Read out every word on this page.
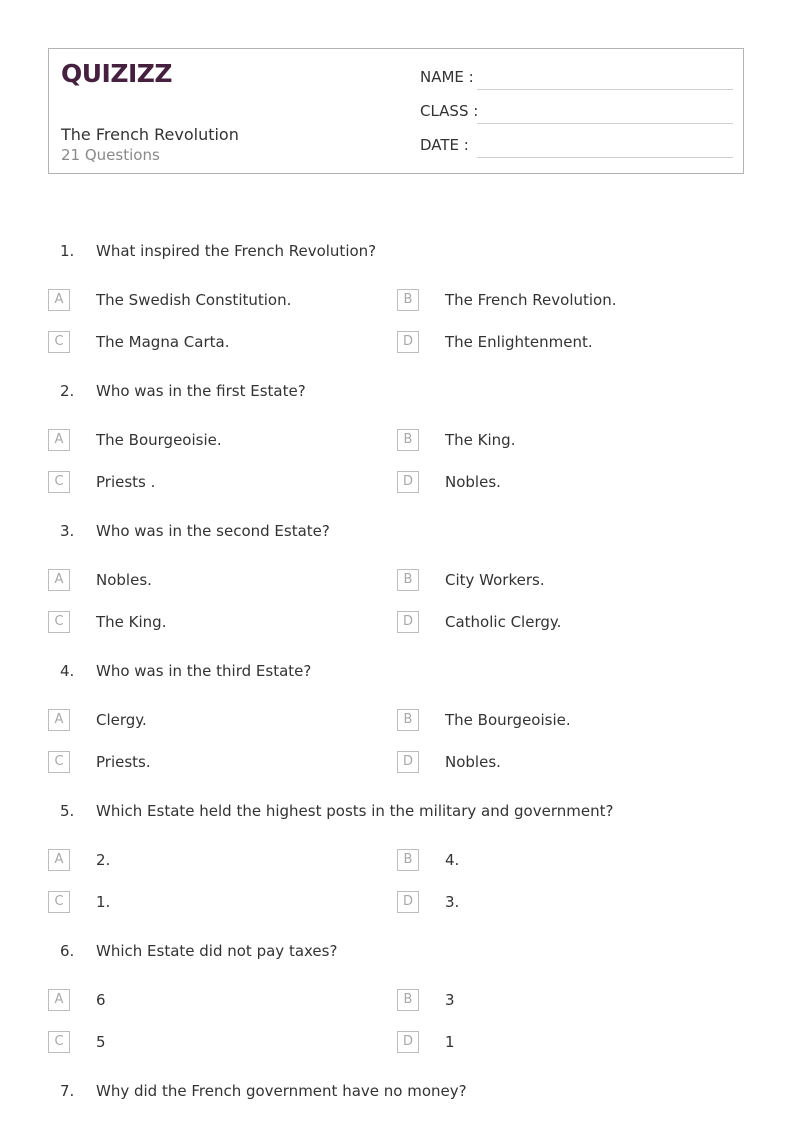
QUIZIZZ
The French Revolution
21 Questions
NAME :
CLASS :
DATE :
1. What inspired the French Revolution?
A	The Swedish Constitution.	B	The French Revolution.
C	The Magna Carta.	D	The Enlightenment.
2. Who was in the first Estate?
A	The Bourgeoisie.	B	The King.
C	Priests .	D	Nobles.
3. Who was in the second Estate?
A	Nobles.	B	City Workers.
C	The King.	D	Catholic Clergy.
4. Who was in the third Estate?
A	Clergy.	B	The Bourgeoisie.
C	Priests.	D	Nobles.
5. Which Estate held the highest posts in the military and government?
A	2.	B	4.
C	1.	D	3.
6. Which Estate did not pay taxes?
A	6	B	3
C	5	D	1
7. Why did the French government have no money?
